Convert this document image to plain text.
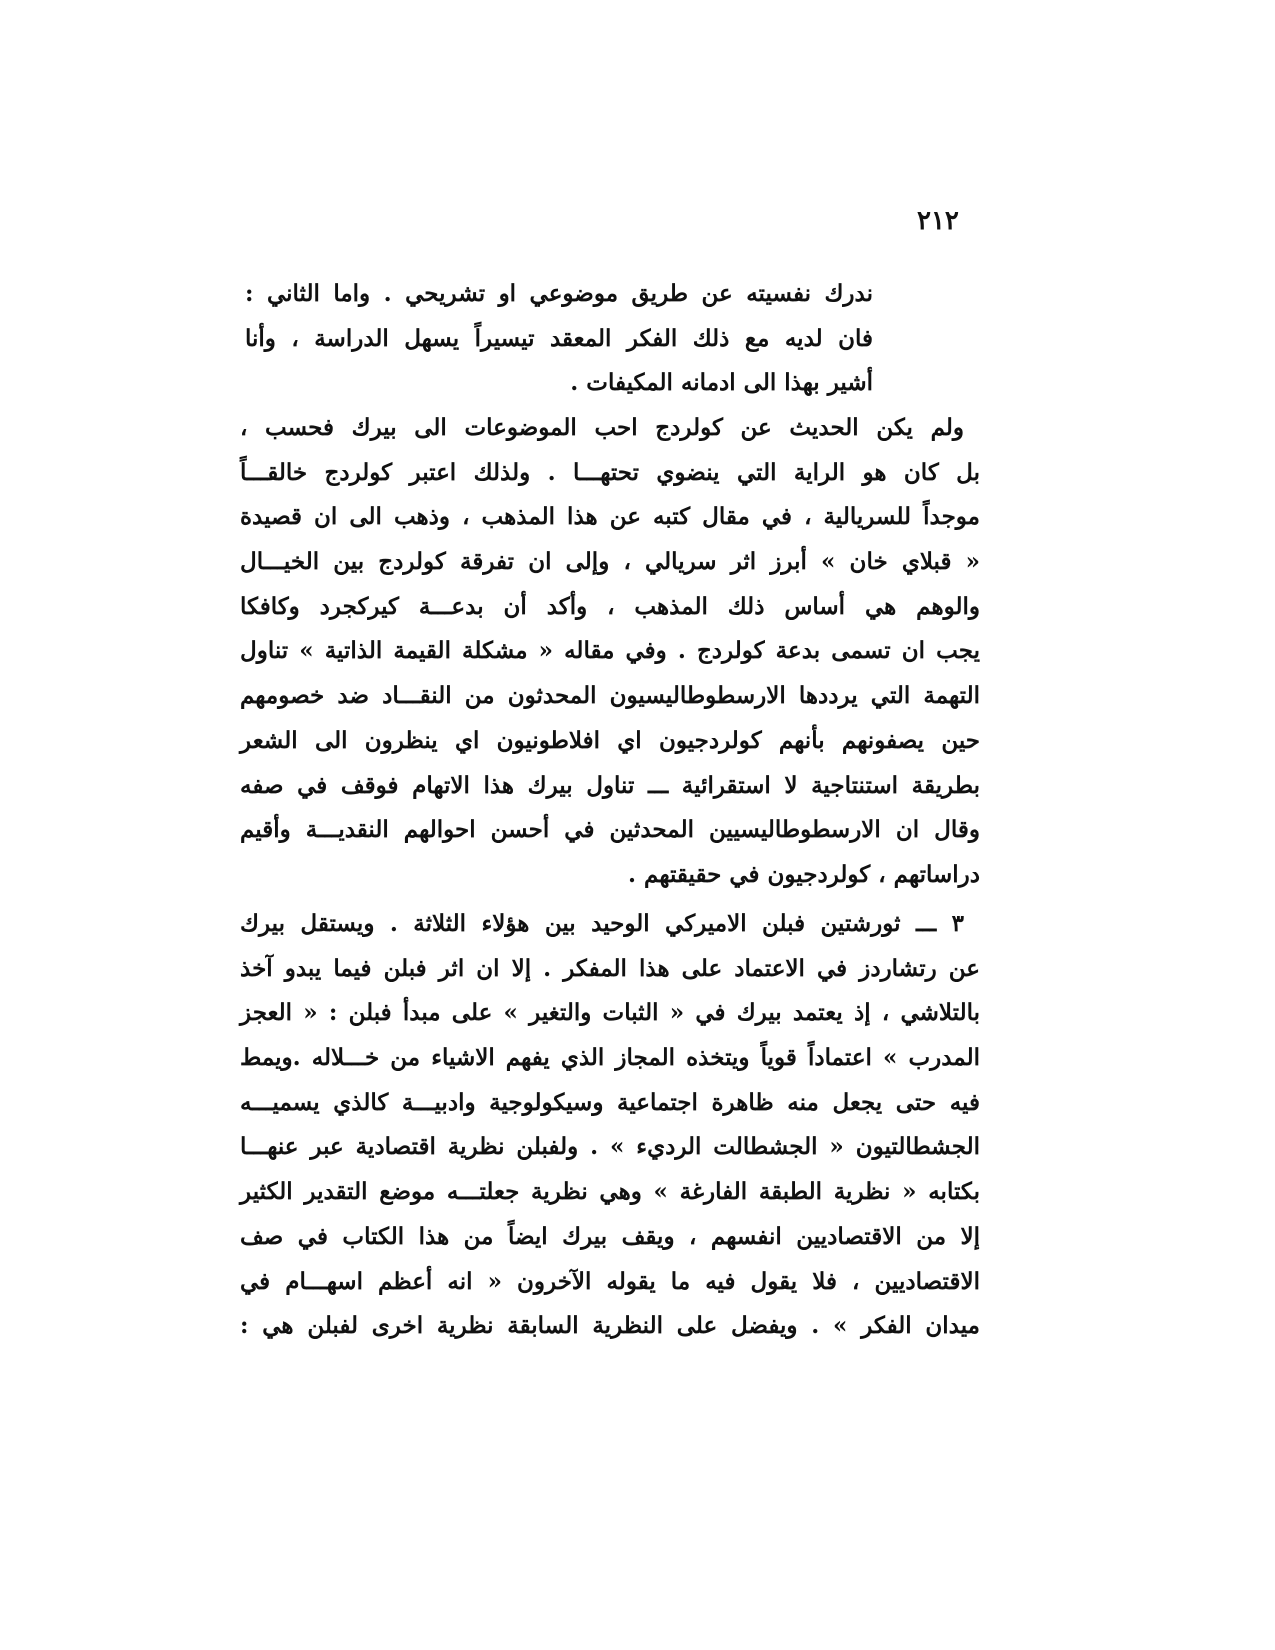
٢١٢
ندرك نفسيته عن طريق موضوعي او تشريحي . واما الثاني :
فان لديه مع ذلك الفكر المعقد تيسيراً يسهل الدراسة ، وأنا
أشير بهذا الى ادمانه المكيفات .
ولم يكن الحديث عن كولردج احب الموضوعات الى بيرك فحسب ،
بل كان هو الراية التي ينضوي تحتهـــا . ولذلك اعتبر كولردج خالقـــاً
موجداً للسريالية ، في مقال كتبه عن هذا المذهب ، وذهب الى ان قصيدة
« قبلاي خان » أبرز اثر سريالي ، وإلى ان تفرقة كولردج بين الخيـــال
والوهم هي أساس ذلك المذهب ، وأكد أن بدعـــة كيركجرد وكافكا
يجب ان تسمى بدعة كولردج . وفي مقاله « مشكلة القيمة الذاتية » تناول
التهمة التي يرددها الارسطوطاليسيون المحدثون من النقـــاد ضد خصومهم
حين يصفونهم بأنهم كولردجيون اي افلاطونيون اي ينظرون الى الشعر
بطريقة استنتاجية لا استقرائية ـــ تناول بيرك هذا الاتهام فوقف في صفه
وقال ان الارسطوطاليسيين المحدثين في أحسن احوالهم النقديـــة وأقيم
دراساتهم ، كولردجيون في حقيقتهم .
٣ ـــ ثورشتين فبلن الاميركي الوحيد بين هؤلاء الثلاثة . ويستقل بيرك
عن رتشاردز في الاعتماد على هذا المفكر . إلا ان اثر فبلن فيما يبدو آخذ
بالتلاشي ، إذ يعتمد بيرك في « الثبات والتغير » على مبدأ فبلن : « العجز
المدرب » اعتماداً قوياً ويتخذه المجاز الذي يفهم الاشياء من خـــلاله .ويمط
فيه حتى يجعل منه ظاهرة اجتماعية وسيكولوجية وادبيـــة كالذي يسميـــه
الجشطالتيون « الجشطالت الرديء » . ولفبلن نظرية اقتصادية عبر عنهـــا
بكتابه « نظرية الطبقة الفارغة » وهي نظرية جعلتـــه موضع التقدير الكثير
إلا من الاقتصاديين انفسهم ، ويقف بيرك ايضاً من هذا الكتاب في صف
الاقتصاديين ، فلا يقول فيه ما يقوله الآخرون « انه أعظم اسهـــام في
ميدان الفكر » . ويفضل على النظرية السابقة نظرية اخرى لفبلن هي :
